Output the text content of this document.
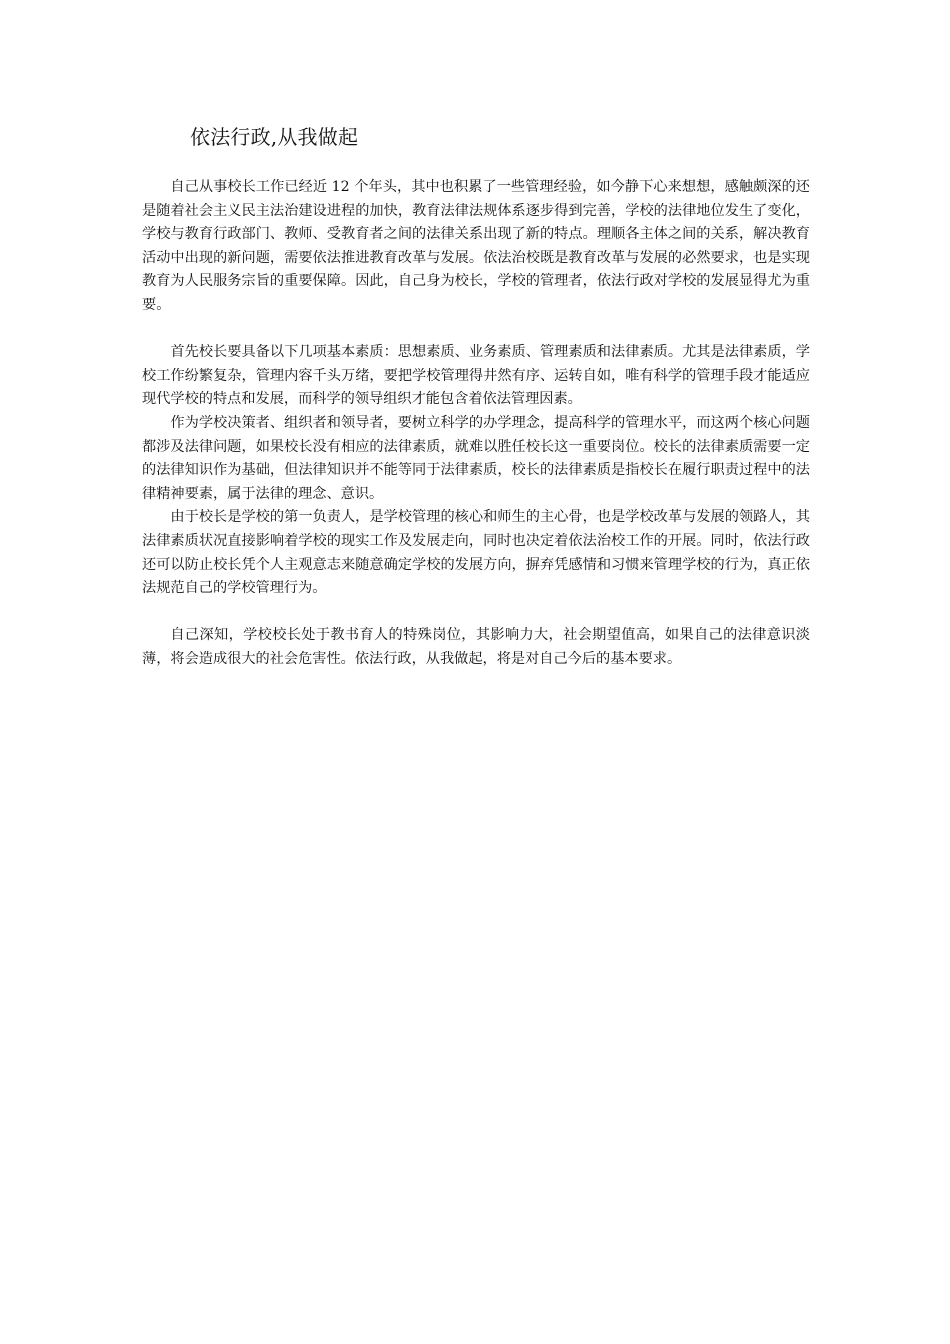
依法行政,从我做起

自己从事校长工作已经近 12 个年头，其中也积累了一些管理经验，如今静下心来想想，感触颇深的还是随着社会主义民主法治建设进程的加快，教育法律法规体系逐步得到完善，学校的法律地位发生了变化，学校与教育行政部门、教师、受教育者之间的法律关系出现了新的特点。理顺各主体之间的关系，解决教育活动中出现的新问题，需要依法推进教育改革与发展。依法治校既是教育改革与发展的必然要求，也是实现教育为人民服务宗旨的重要保障。因此，自己身为校长，学校的管理者，依法行政对学校的发展显得尤为重要。

首先校长要具备以下几项基本素质：思想素质、业务素质、管理素质和法律素质。尤其是法律素质，学校工作纷繁复杂，管理内容千头万绪，要把学校管理得井然有序、运转自如，唯有科学的管理手段才能适应现代学校的特点和发展，而科学的领导组织才能包含着依法管理因素。

作为学校决策者、组织者和领导者，要树立科学的办学理念，提高科学的管理水平，而这两个核心问题都涉及法律问题，如果校长没有相应的法律素质，就难以胜任校长这一重要岗位。校长的法律素质需要一定的法律知识作为基础，但法律知识并不能等同于法律素质，校长的法律素质是指校长在履行职责过程中的法律精神要素，属于法律的理念、意识。

由于校长是学校的第一负责人，是学校管理的核心和师生的主心骨，也是学校改革与发展的领路人，其法律素质状况直接影响着学校的现实工作及发展走向，同时也决定着依法治校工作的开展。同时，依法行政还可以防止校长凭个人主观意志来随意确定学校的发展方向，摒弃凭感情和习惯来管理学校的行为，真正依法规范自己的学校管理行为。

自己深知，学校校长处于教书育人的特殊岗位，其影响力大，社会期望值高，如果自己的法律意识淡薄，将会造成很大的社会危害性。依法行政，从我做起，将是对自己今后的基本要求。
